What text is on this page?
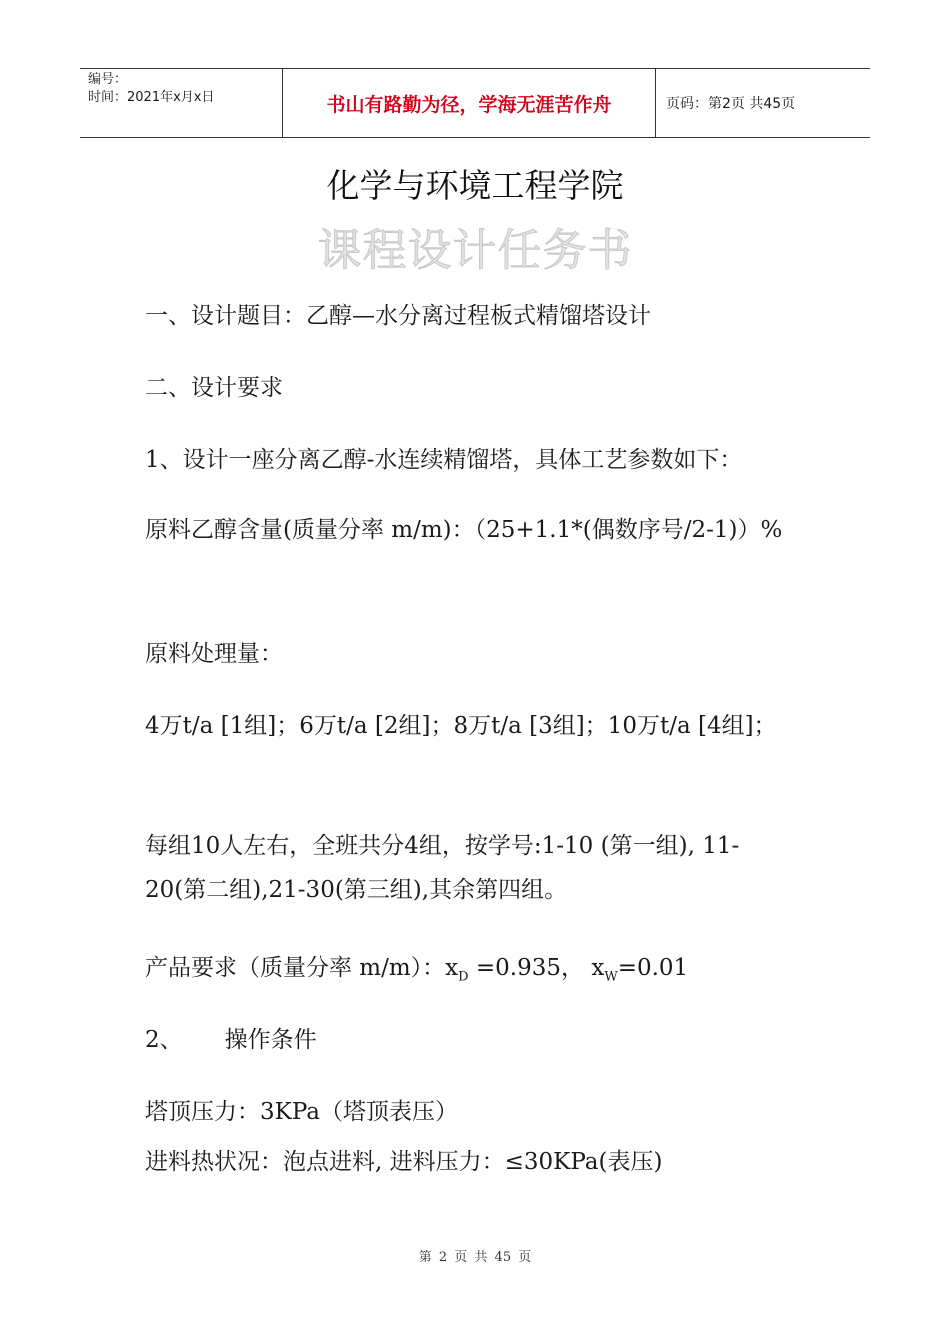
编号：
时间：2021年x月x日	书山有路勤为径，学海无涯苦作舟	页码：第2页 共45页
化学与环境工程学院
课程设计任务书

一、设计题目：乙醇—水分离过程板式精馏塔设计

二、设计要求

1、设计一座分离乙醇-水连续精馏塔，具体工艺参数如下：

原料乙醇含量(质量分率 m/m)：（25+1.1*(偶数序号/2-1)）%

原料处理量：

4万t/a [1组]；6万t/a [2组]；8万t/a [3组]；10万t/a [4组]；

每组10人左右，全班共分4组，按学号:1-10 (第一组), 11-20(第二组),21-30(第三组),其余第四组。

产品要求（质量分率 m/m）：$x_D =0.935$， $x_W=0.01$

2、 操作条件

塔顶压力：3KPa（塔顶表压）

进料热状况：泡点进料, 进料压力：≤30KPa(表压)

第 2 页 共 45 页
